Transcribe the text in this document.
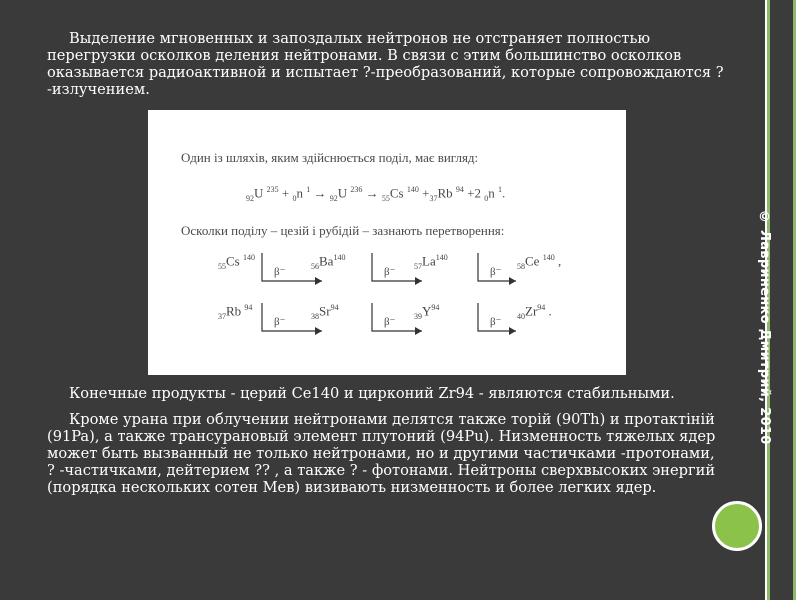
© Лавриненко Дмитрий, 2010
Выделение мгновенных и запоздалых нейтронов не отстраняет полностью перегрузки осколков деления нейтронами. В связи с этим большинство осколков оказывается радиоактивной и испытает ?-преобразований, которые сопровождаются ? -излучением.
Один із шляхів, яким здійснюється поділ, має вигляд:
$_{92}$U $^{235}$ + $_0$n $^1$ → $_{92}$U $^{236}$ → $_{55}$Cs $^{140} +_{37}Rb$ $^{94}$ +2 $_0$n $^1$.
Осколки поділу – цезій і рубідій – зазнають перетворення:
$_{55}$Cs $^{140}$
$_{56}Ba^{140}$
$_{57}La^{140}$
$_{58}$Ce $^{140}$ ,
β⁻	β⁻	β⁻
$_{37}$Rb $^{94}$
$_{38}Sr^{94}$
$_{39}Y^{94}$
$_{40}Zr^{94}$ .
β⁻	β⁻	β⁻
Конечные продукты - церий Се140 и цирконий Zr94 - являются стабильными.
Кроме урана при облучении нейтронами делятся также торій (90Th) и протактіній (91Pa), а также трансурановый элемент плутоний (94Pu). Низменность тяжелых ядер может быть вызванный не только нейтронами, но и другими частичками -протонами, ? -частичками, дейтерием ?? , а также ? - фотонами. Нейтроны сверхвысоких энергий (порядка нескольких сотен Мев) визивають низменность и более легких ядер.
